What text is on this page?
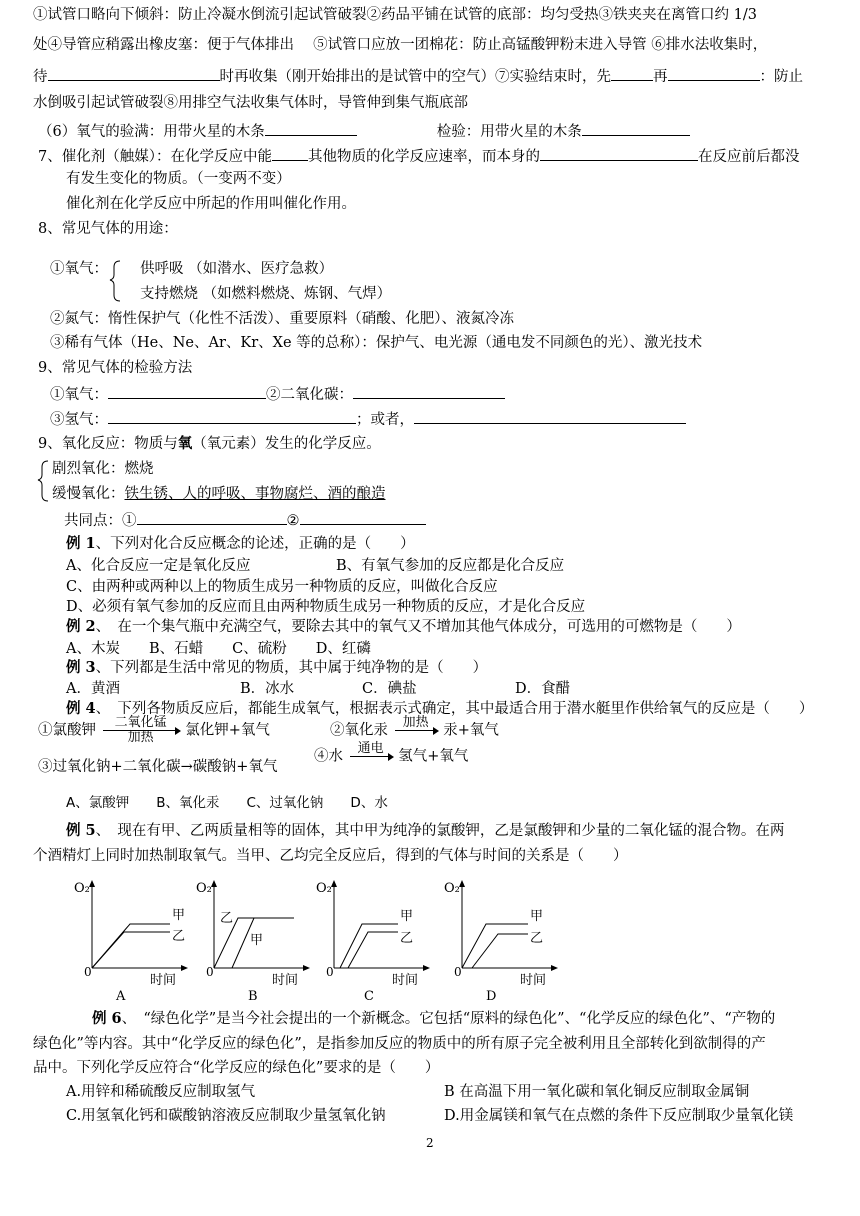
①试管口略向下倾斜：防止冷凝水倒流引起试管破裂②药品平铺在试管的底部：均匀受热③铁夹夹在离管口约 1/3
处④导管应稍露出橡皮塞：便于气体排出　 ⑤试管口应放一团棉花：防止高锰酸钾粉末进入导管 ⑥排水法收集时，
待	时再收集（刚开始排出的是试管中的空气）⑦实验结束时，先	再	：防止
水倒吸引起试管破裂⑧用排空气法收集气体时，导管伸到集气瓶底部
（6）氧气的验满：用带火星的木条	检验：用带火星的木条
7、催化剂（触媒）：在化学反应中能 其他物质的化学反应速率，而本身的	在反应前后都没
有发生变化的物质。（一变两不变）
催化剂在化学反应中所起的作用叫催化作用。
8、常见气体的用途：
①氧气： 供呼吸 （如潜水、医疗急救）
支持燃烧 （如燃料燃烧、炼钢、气焊）
②氮气：惰性保护气（化性不活泼）、重要原料（硝酸、化肥）、液氮冷冻
③稀有气体（He、Ne、Ar、Kr、Xe 等的总称）：保护气、电光源（通电发不同颜色的光）、激光技术
9、常见气体的检验方法
①氧气：	②二氧化碳：
③氢气：	；或者，
9、氧化反应：物质与氧（氧元素）发生的化学反应。
剧烈氧化：燃烧
缓慢氧化：铁生锈、人的呼吸、事物腐烂、酒的酿造
共同点：①	②
例 1、下列对化合反应概念的论述，正确的是（　　）
A、化合反应一定是氧化反应	B、有氧气参加的反应都是化合反应
C、由两种或两种以上的物质生成另一种物质的反应，叫做化合反应
D、必须有氧气参加的反应而且由两种物质生成另一种物质的反应，才是化合反应
例 2、　在一个集气瓶中充满空气，要除去其中的氧气又不增加其他气体成分，可选用的可燃物是（　　）
A、木炭　　B、石蜡　　C、硫粉　　D、红磷
例 3、下列都是生活中常见的物质，其中属于纯净物的是（　　）
A．黄酒	B．冰水	C．碘盐	D．食醋
例 4、　下列各物质反应后，都能生成氧气，根据表示式确定，其中最适合用于潜水艇里作供给氧气的反应是（　　）
①氯酸钾	二氧化锰
加热	氯化钾+氧气	②氧化汞	加热
	汞+氧气
③过氧化钠+二氧化碳→碳酸钠+氧气
④水	通电
	氢气+氧气
A、氯酸钾　　B、氧化汞　　C、过氧化钠　　D、水
例 5、　现在有甲、乙两质量相等的固体，其中甲为纯净的氯酸钾，乙是氯酸钾和少量的二氧化锰的混合物。在两
个酒精灯上同时加热制取氧气。当甲、乙均完全反应后，得到的气体与时间的关系是（　　）
O₂
0
时间
甲
乙
A
O₂
0
时间
乙
甲
B
O₂
0
时间
甲
乙
C
O₂
0
时间
甲
乙
D
例 6、　“绿色化学”是当今社会提出的一个新概念。它包括“原料的绿色化”、“化学反应的绿色化”、“产物的
绿色化”等内容。其中“化学反应的绿色化”，是指参加反应的物质中的所有原子完全被利用且全部转化到欲制得的产
品中。下列化学反应符合“化学反应的绿色化”要求的是（　　）
A.用锌和稀硫酸反应制取氢气	B 在高温下用一氧化碳和氧化铜反应制取金属铜
C.用氢氧化钙和碳酸钠溶液反应制取少量氢氧化钠	D.用金属镁和氧气在点燃的条件下反应制取少量氧化镁
2
